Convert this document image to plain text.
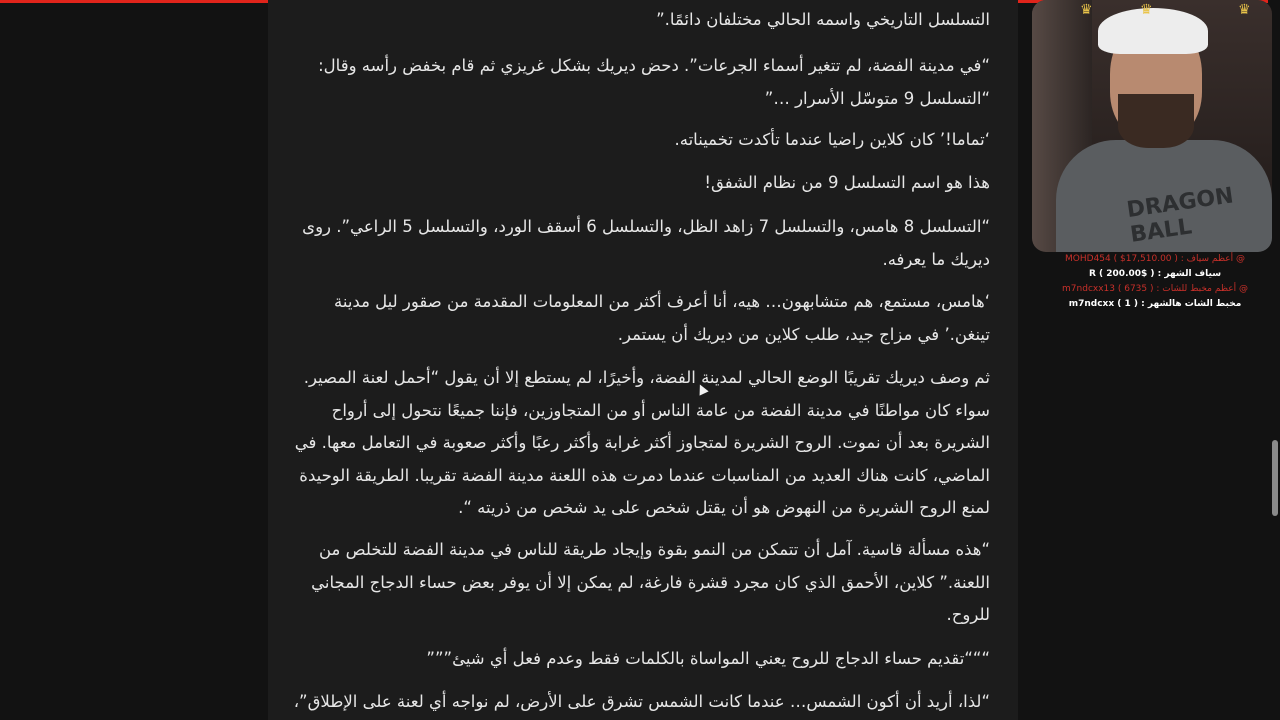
التسلسل التاريخي واسمه الحالي مختلفان دائمًا.”

“في مدينة الفضة، لم تتغير أسماء الجرعات”. دحض ديريك بشكل غريزي ثم قام بخفض رأسه وقال: “التسلسل 9 متوسّل الأسرار …”

‘تماما!’ كان كلاين راضيا عندما تأكدت تخميناته.

هذا هو اسم التسلسل 9 من نظام الشفق!

“التسلسل 8 هامس، والتسلسل 7 زاهد الظل، والتسلسل 6 أسقف الورد، والتسلسل 5 الراعي”. روى ديريك ما يعرفه.

‘هامس، مستمع، هم متشابهون… هيه، أنا أعرف أكثر من المعلومات المقدمة من صقور ليل مدينة تينغن.’ في مزاج جيد، طلب كلاين من ديريك أن يستمر.

ثم وصف ديريك تقريبًا الوضع الحالي لمدينة الفضة، وأخيرًا، لم يستطع إلا أن يقول “أحمل لعنة المصير. سواء كان مواطنًا في مدينة الفضة من عامة الناس أو من المتجاوزين، فإننا جميعًا نتحول إلى أرواح الشريرة بعد أن نموت. الروح الشريرة لمتجاوز أكثر غرابة وأكثر رعبًا وأكثر صعوبة في التعامل معها. في الماضي، كانت هناك العديد من المناسبات عندما دمرت هذه اللعنة مدينة الفضة تقريبا. الطريقة الوحيدة لمنع الروح الشريرة من النهوض هو أن يقتل شخص على يد شخص من ذريته “.

“هذه مسألة قاسية. آمل أن تتمكن من النمو بقوة وإيجاد طريقة للناس في مدينة الفضة للتخلص من اللعنة.” كلاين، الأحمق الذي كان مجرد قشرة فارغة، لم يمكن إلا أن يوفر بعض حساء الدجاج المجاني للروح.

“““تقديم حساء الدجاج للروح يعني المواساة بالكلمات فقط وعدم فعل أي شيئ”””

“لذا، أريد أن أكون الشمس… عندما كانت الشمس تشرق على الأرض، لم نواجه أي لعنة على الإطلاق”،

DRAGON BALL
♛	♛	♛
@ أعظم سياف : MOHD454 ( $17,510.00 )
سياف الشهر : ( $200.00 ) R
@ أعظم مخبط للشات : ( 6735 ) m7ndcxx13
مخبط الشات هالشهر : ( 1 ) m7ndcxx
